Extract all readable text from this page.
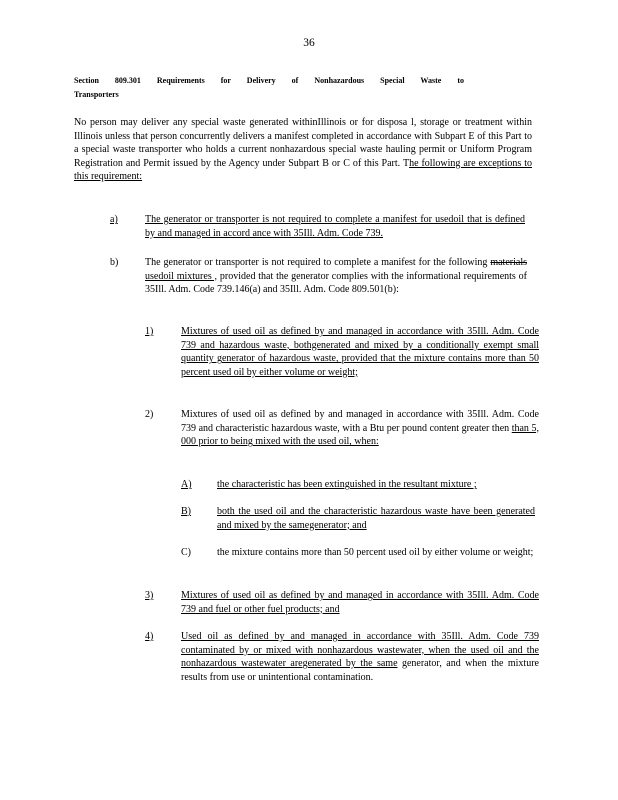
36
Section 809.301 Requirements for Delivery of Nonhazardous Special Waste to
Transporters
No person may deliver any special waste generated withinIllinois or for disposa l, storage or treatment within Illinois unless that person concurrently delivers a manifest completed in accordance with Subpart E of this Part to a special waste transporter who holds a current nonhazardous special waste hauling permit or Uniform Program Registration and Permit issued by the Agency under Subpart B or C of this Part. The following are exceptions to this requirement:
a)	The generator or transporter is not required to complete a manifest for usedoil that is defined by and managed in accord ance with 35Ill. Adm. Code 739.
b)	The generator or transporter is not required to complete a manifest for the following materials usedoil mixtures , provided that the generator complies with the informational requirements of 35Ill. Adm. Code 739.146(a) and 35Ill. Adm. Code 809.501(b):
1)	Mixtures of used oil as defined by and managed in accordance with 35Ill. Adm. Code 739 and hazardous waste, bothgenerated and mixed by a conditionally exempt small quantity generator of hazardous waste, provided that the mixture contains more than 50 percent used oil by either volume or weight;
2)	Mixtures of used oil as defined by and managed in accordance with 35Ill. Adm. Code 739 and characteristic hazardous waste, with a Btu per pound content greater then than 5, 000 prior to being mixed with the used oil, when:
A)	the characteristic has been extinguished in the resultant mixture ;
B)	both the used oil and the characteristic hazardous waste have been generated and mixed by the samegenerator; and
C)	the mixture contains more than 50 percent used oil by either volume or weight;
3)	Mixtures of used oil as defined by and managed in accordance with 35Ill. Adm. Code 739 and fuel or other fuel products; and
4)	Used oil as defined by and managed in accordance with 35Ill. Adm. Code 739 contaminated by or mixed with nonhazardous wastewater, when the used oil and the nonhazardous wastewater aregenerated by the same generator, and when the mixture results from use or unintentional contamination.
